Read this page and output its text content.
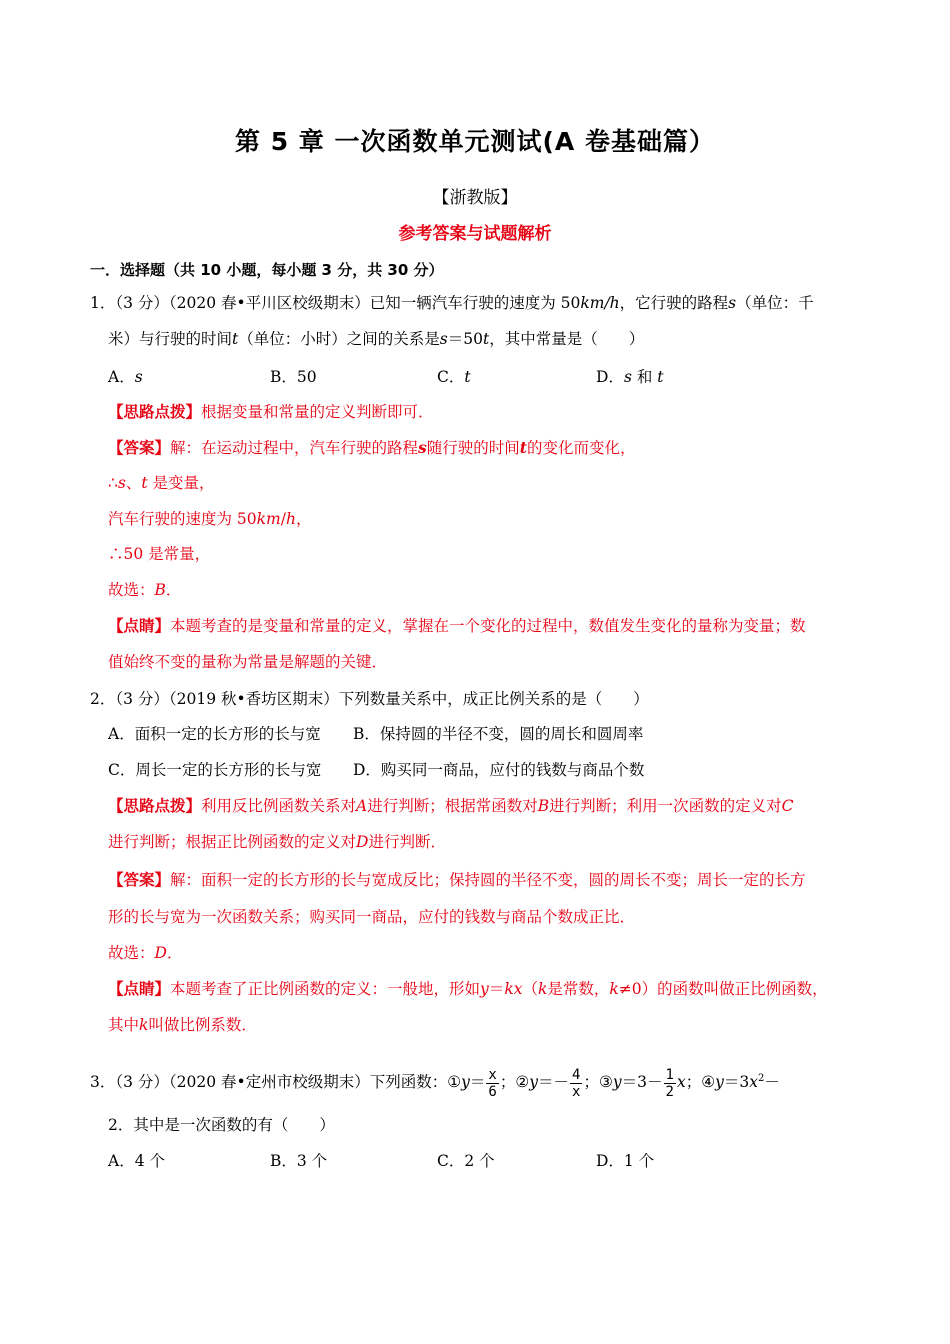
第 5 章 一次函数单元测试(A 卷基础篇）
【浙教版】
参考答案与试题解析
一．选择题（共 10 小题，每小题 3 分，共 30 分）
1．（3 分）（2020 春•平川区校级期末）已知一辆汽车行驶的速度为 50km/h，它行驶的路程s（单位：千
米）与行驶的时间t（单位：小时）之间的关系是s＝50t，其中常量是（　　）
A．s	B．50	C．t	D．s 和 t
【思路点拨】根据变量和常量的定义判断即可．
【答案】解：在运动过程中，汽车行驶的路程s随行驶的时间t的变化而变化，
∴s、t 是变量，
汽车行驶的速度为 50km/h，
∴50 是常量，
故选：B．
【点睛】本题考查的是变量和常量的定义，掌握在一个变化的过程中，数值发生变化的量称为变量；数
值始终不变的量称为常量是解题的关键．
2．（3 分）（2019 秋•香坊区期末）下列数量关系中，成正比例关系的是（　　）
A．面积一定的长方形的长与宽 B．保持圆的半径不变，圆的周长和圆周率
C．周长一定的长方形的长与宽 D．购买同一商品，应付的钱数与商品个数
【思路点拨】利用反比例函数关系对A进行判断；根据常函数对B进行判断；利用一次函数的定义对C
进行判断；根据正比例函数的定义对D进行判断．
【答案】解：面积一定的长方形的长与宽成反比；保持圆的半径不变，圆的周长不变；周长一定的长方
形的长与宽为一次函数关系；购买同一商品，应付的钱数与商品个数成正比．
故选：D．
【点睛】本题考查了正比例函数的定义：一般地，形如y＝kx（k是常数，k≠0）的函数叫做正比例函数，
其中k叫做比例系数．
3．（3 分）（2020 春•定州市校级期末）下列函数：①y＝ $\frac{x}{6}$ ；②y＝－ $\frac{4}{x}$ ；③y＝3－ $\frac{1}{2}$ x；$④y=3x^2-$
2．其中是一次函数的有（　　）
A．4 个	B．3 个	C．2 个	D．1 个
